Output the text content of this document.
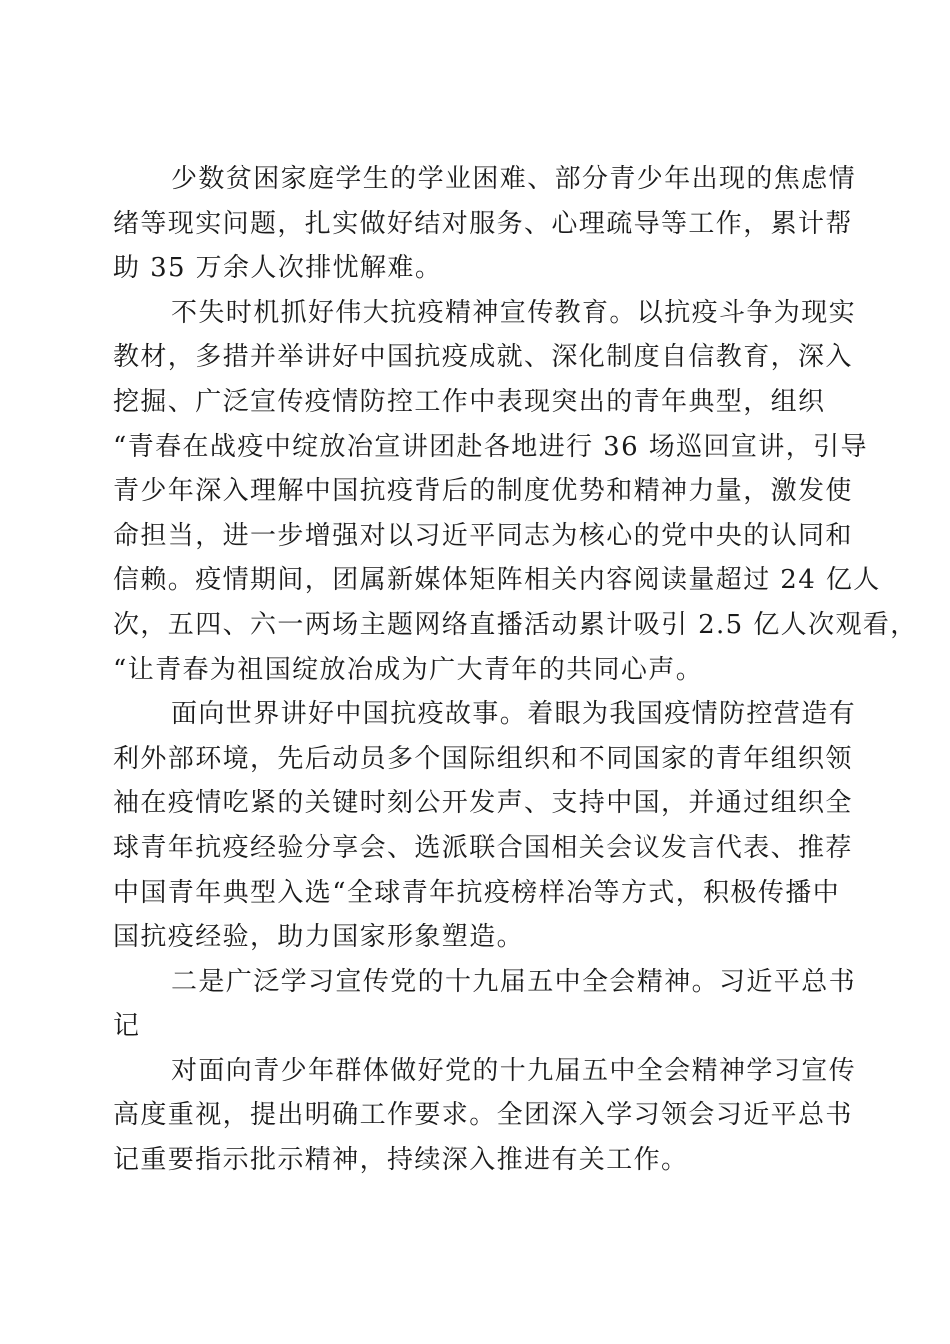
少数贫困家庭学生的学业困难、部分青少年出现的焦虑情
绪等现实问题，扎实做好结对服务、心理疏导等工作，累计帮
助 35 万余人次排忧解难。

不失时机抓好伟大抗疫精神宣传教育。以抗疫斗争为现实
教材，多措并举讲好中国抗疫成就、深化制度自信教育，深入
挖掘、广泛宣传疫情防控工作中表现突出的青年典型，组织
“青春在战疫中绽放冶宣讲团赴各地进行 36 场巡回宣讲，引导
青少年深入理解中国抗疫背后的制度优势和精神力量，激发使
命担当，进一步增强对以习近平同志为核心的党中央的认同和
信赖。疫情期间，团属新媒体矩阵相关内容阅读量超过 24 亿人
次，五四、六一两场主题网络直播活动累计吸引 2.5 亿人次观看，
“让青春为祖国绽放冶成为广大青年的共同心声。

面向世界讲好中国抗疫故事。着眼为我国疫情防控营造有
利外部环境，先后动员多个国际组织和不同国家的青年组织领
袖在疫情吃紧的关键时刻公开发声、支持中国，并通过组织全
球青年抗疫经验分享会、选派联合国相关会议发言代表、推荐
中国青年典型入选“全球青年抗疫榜样冶等方式，积极传播中
国抗疫经验，助力国家形象塑造。

二是广泛学习宣传党的十九届五中全会精神。习近平总书
记

对面向青少年群体做好党的十九届五中全会精神学习宣传
高度重视，提出明确工作要求。全团深入学习领会习近平总书
记重要指示批示精神，持续深入推进有关工作。
